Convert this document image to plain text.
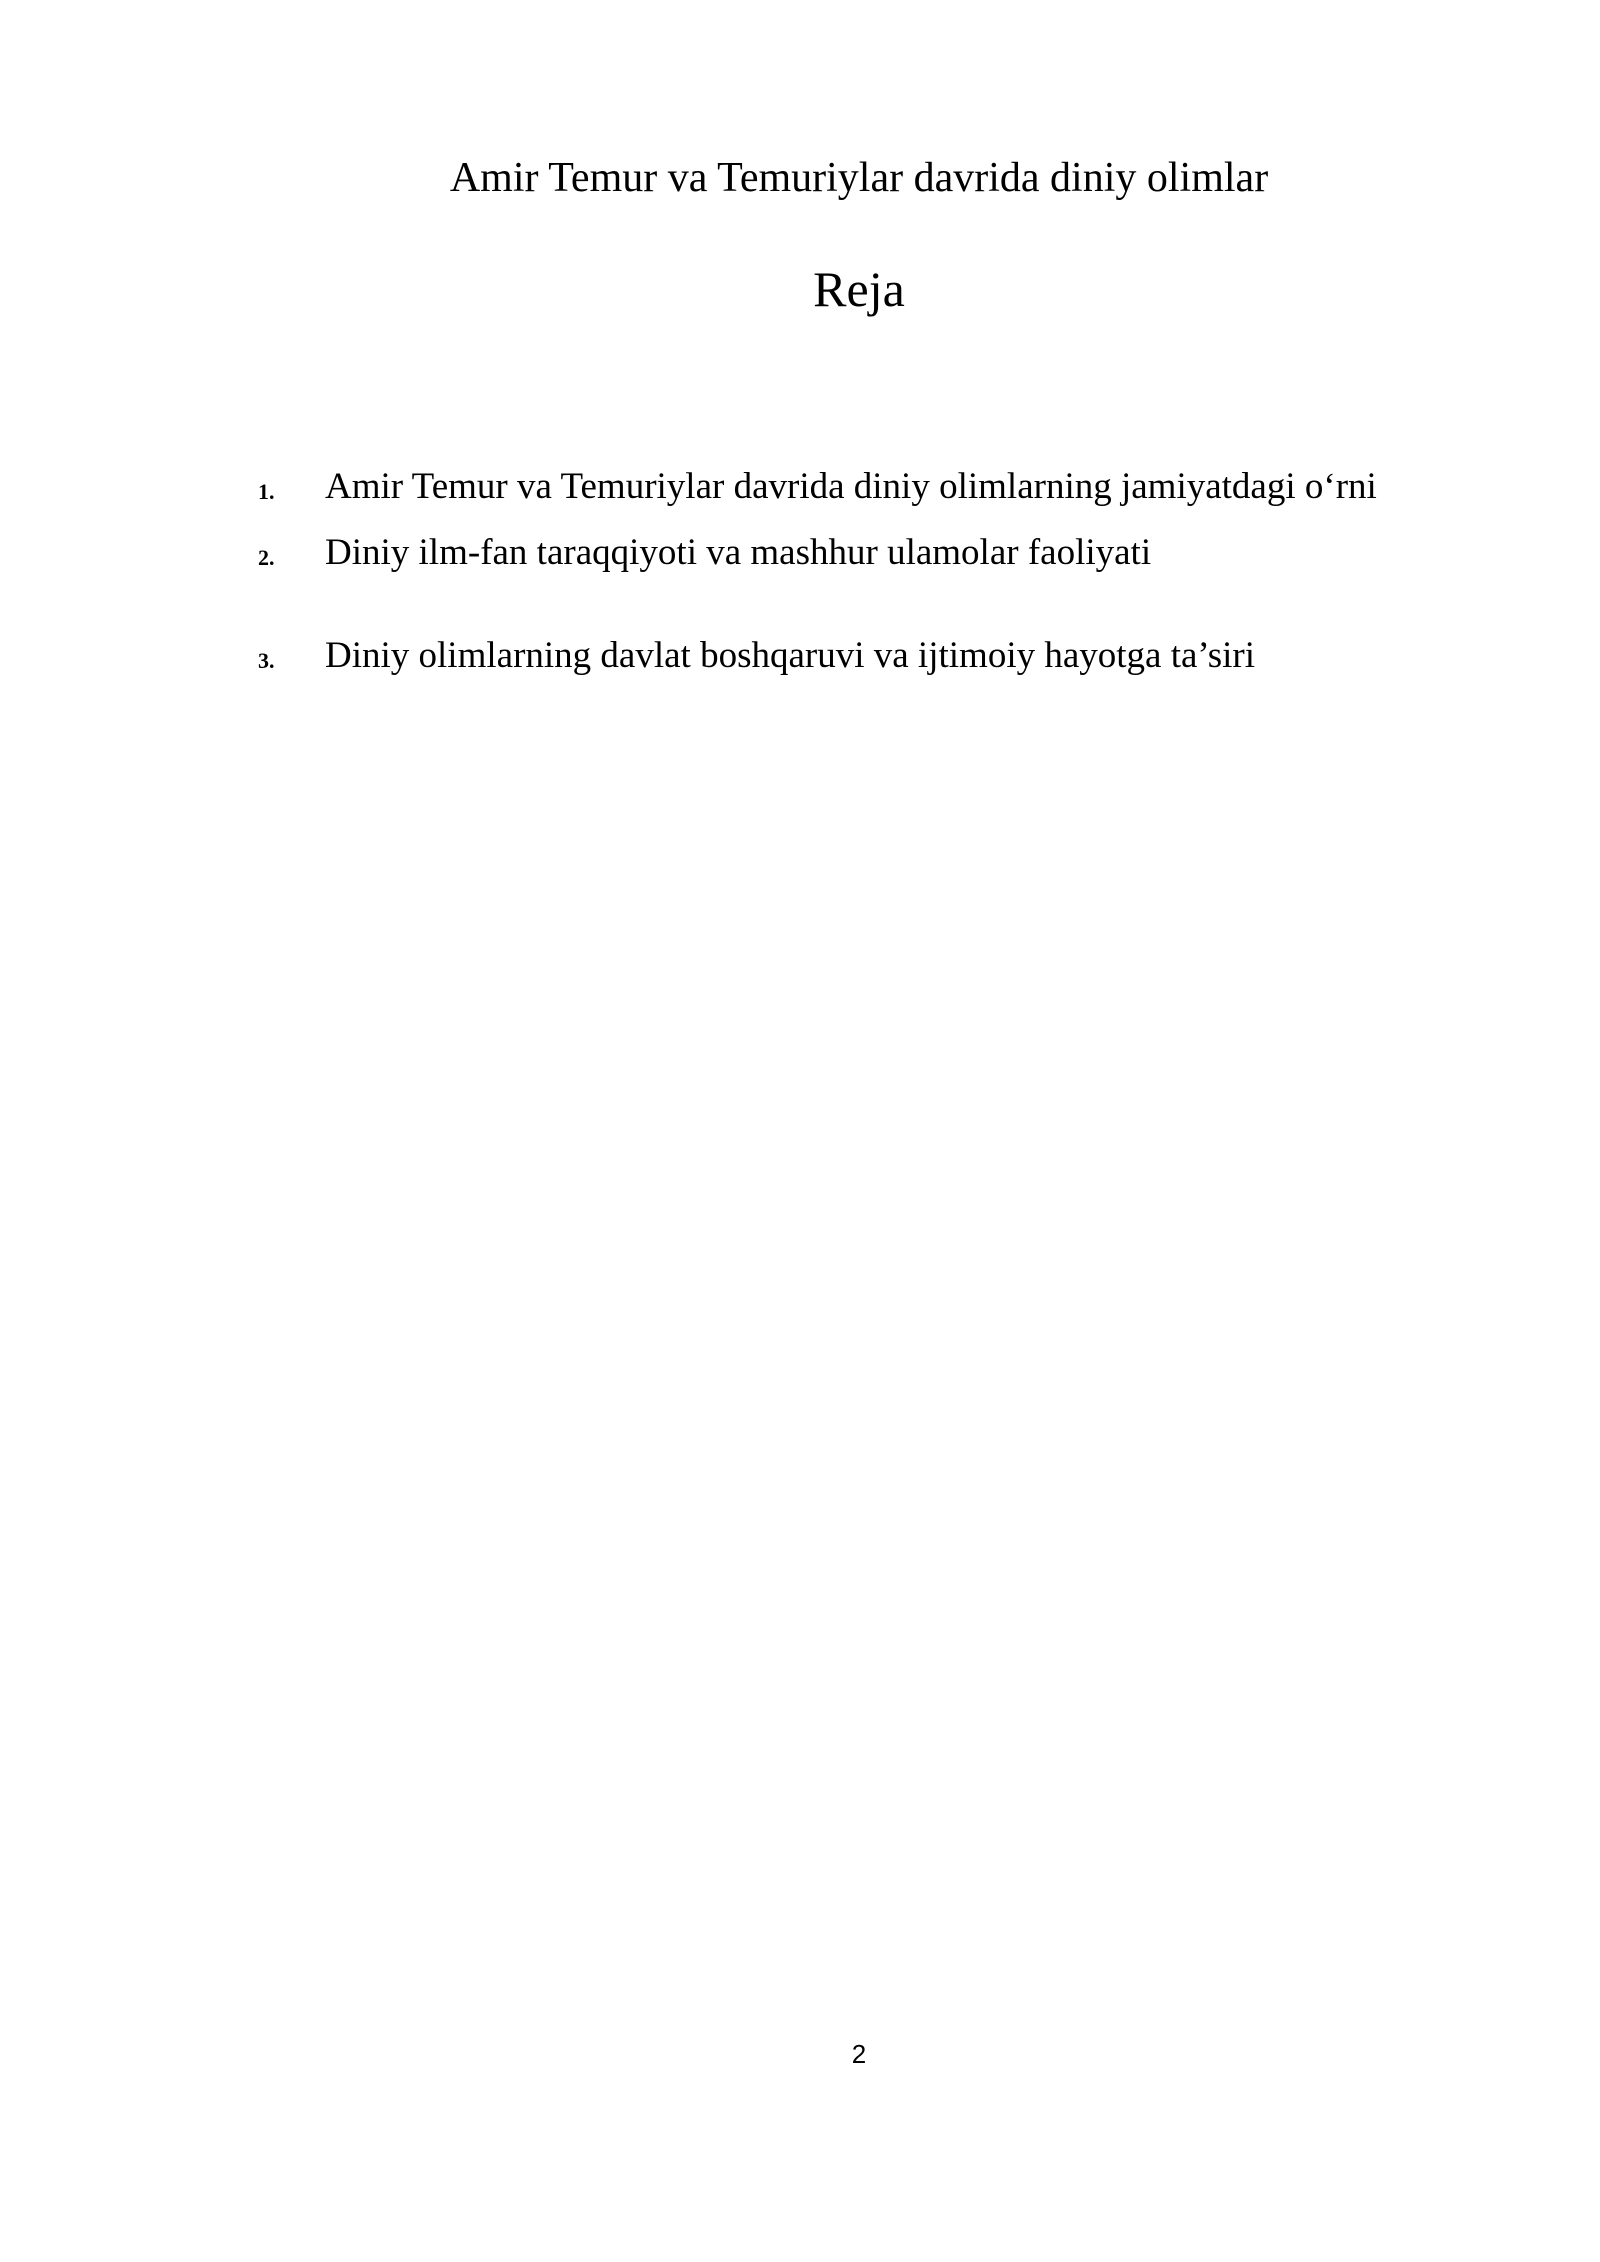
Amir Temur va Temuriylar davrida diniy olimlar
Reja
1. Amir Temur va Temuriylar davrida diniy olimlarning jamiyatdagi o‘rni
2. Diniy ilm-fan taraqqiyoti va mashhur ulamolar faoliyati
3. Diniy olimlarning davlat boshqaruvi va ijtimoiy hayotga ta’siri
2
